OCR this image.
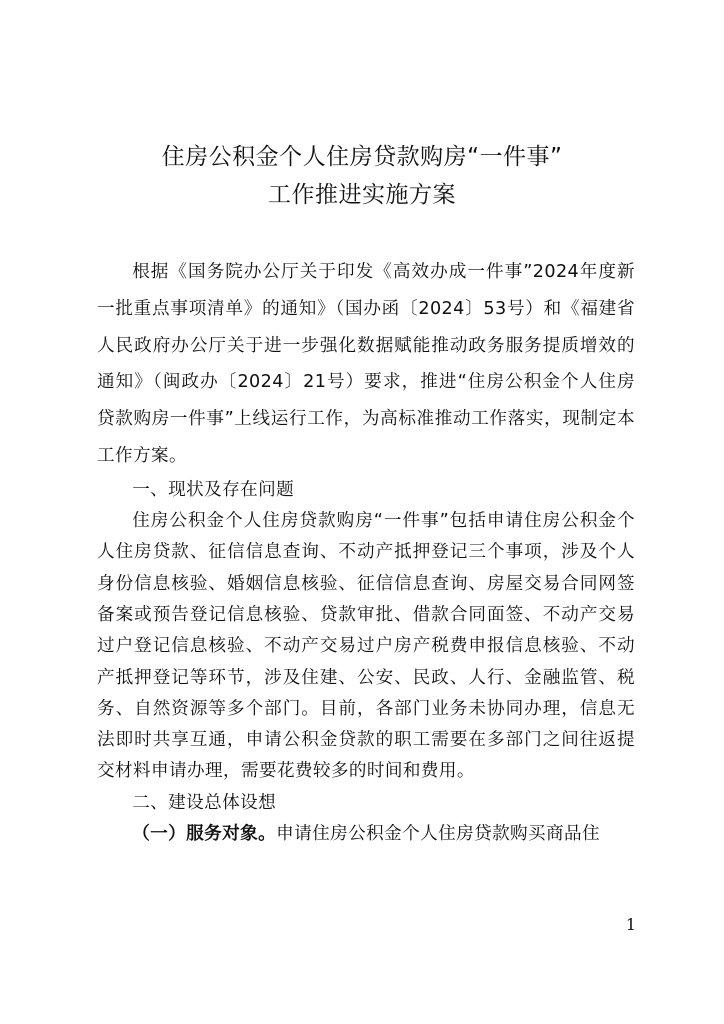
住房公积金个人住房贷款购房“一件事”
工作推进实施方案

根据《国务院办公厅关于印发《高效办成一件事”2024年度新一批重点事项清单》的通知》（国办函〔2024〕53号）和《福建省人民政府办公厅关于进一步强化数据赋能推动政务服务提质增效的通知》（闽政办〔2024〕21号）要求，推进“住房公积金个人住房贷款购房一件事”上线运行工作，为高标准推动工作落实，现制定本工作方案。

一、现状及存在问题

住房公积金个人住房贷款购房“一件事”包括申请住房公积金个人住房贷款、征信信息查询、不动产抵押登记三个事项，涉及个人身份信息核验、婚姻信息核验、征信信息查询、房屋交易合同网签备案或预告登记信息核验、贷款审批、借款合同面签、不动产交易过户登记信息核验、不动产交易过户房产税费申报信息核验、不动产抵押登记等环节，涉及住建、公安、民政、人行、金融监管、税务、自然资源等多个部门。目前，各部门业务未协同办理，信息无法即时共享互通，申请公积金贷款的职工需要在多部门之间往返提交材料申请办理，需要花费较多的时间和费用。

二、建设总体设想

（一）服务对象。申请住房公积金个人住房贷款购买商品住

1
